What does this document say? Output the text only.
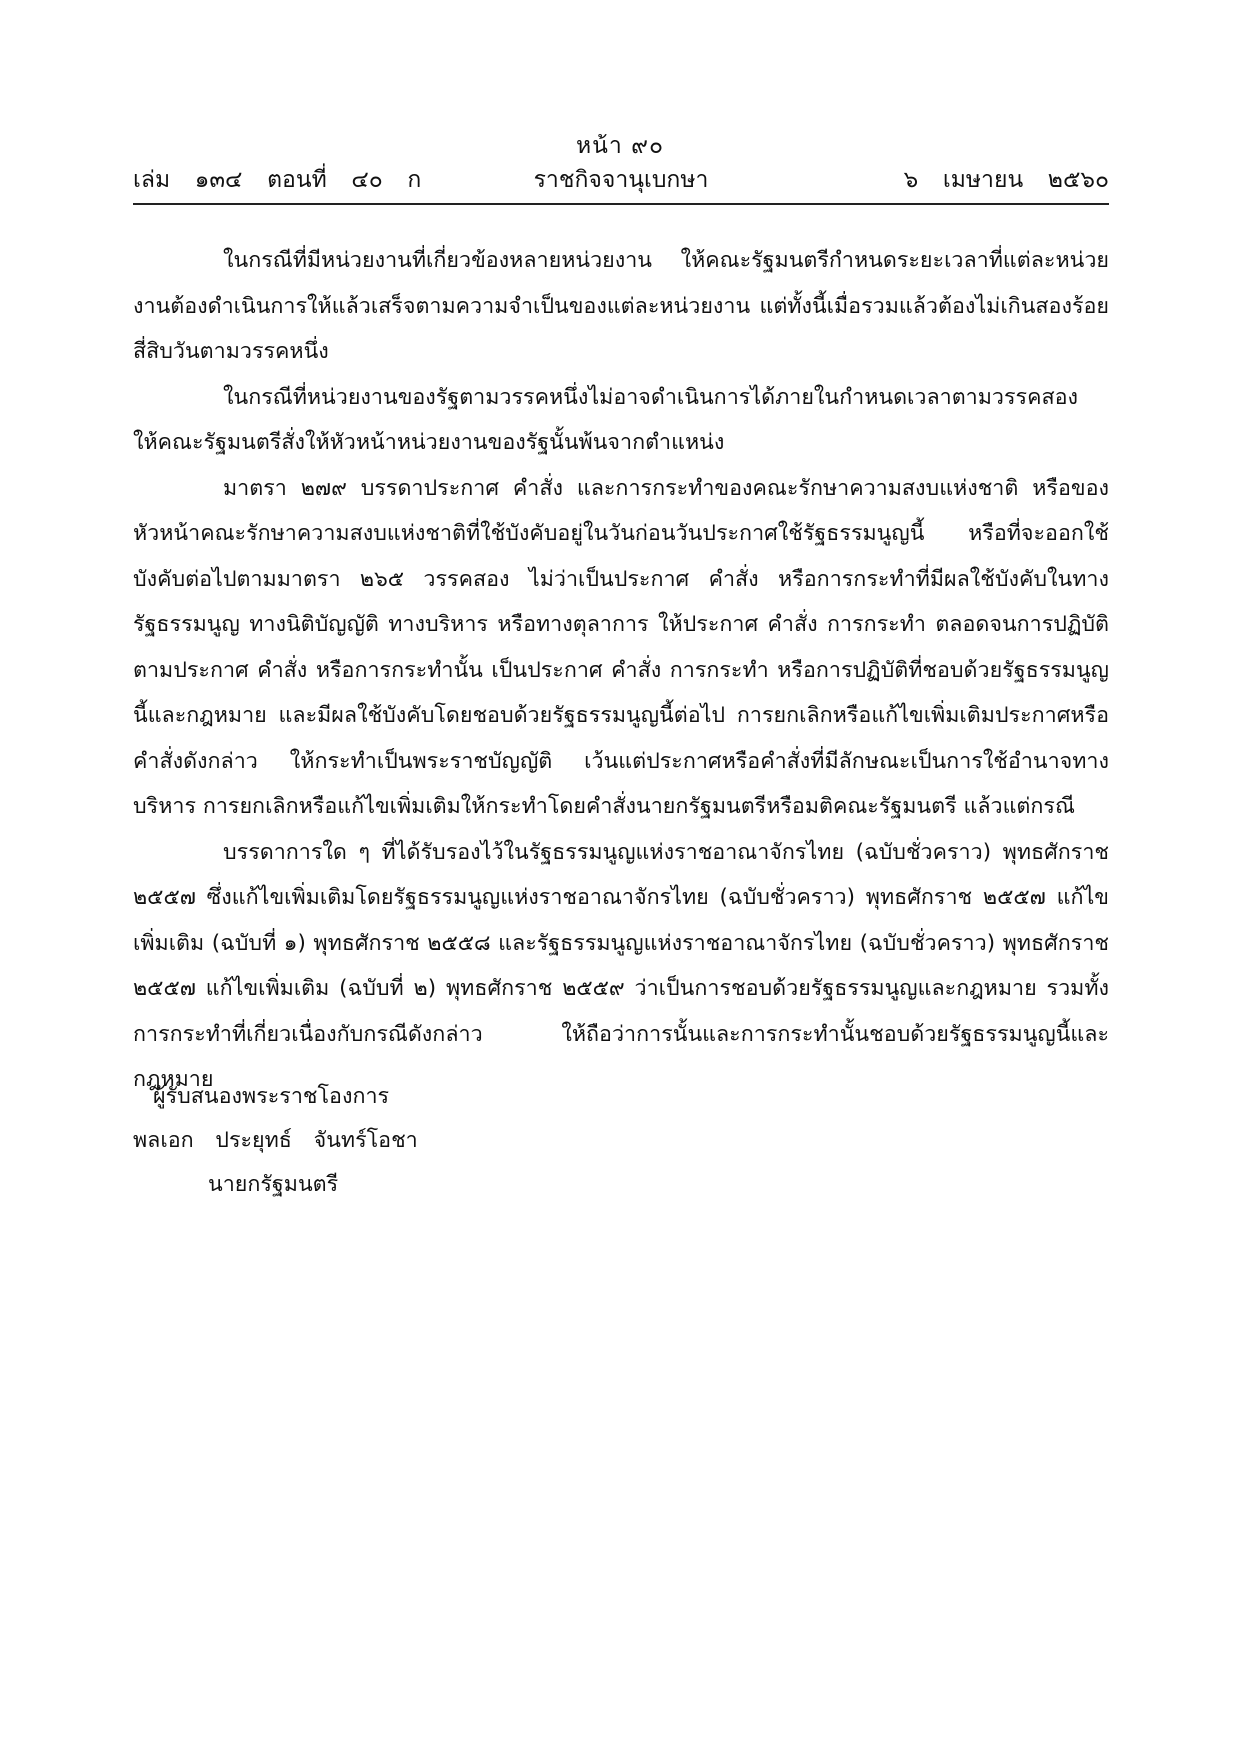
หน้า ๙๐
เล่ม  ๑๓๔  ตอนที่  ๔๐  ก	ราชกิจจานุเบกษา	๖  เมษายน  ๒๕๖๐

ในกรณีที่มีหน่วยงานที่เกี่ยวข้องหลายหน่วยงาน ให้คณะรัฐมนตรีกำหนดระยะเวลาที่แต่ละหน่วยงานต้องดำเนินการให้แล้วเสร็จตามความจำเป็นของแต่ละหน่วยงาน แต่ทั้งนี้เมื่อรวมแล้วต้องไม่เกินสองร้อยสี่สิบวันตามวรรคหนึ่ง

ในกรณีที่หน่วยงานของรัฐตามวรรคหนึ่งไม่อาจดำเนินการได้ภายในกำหนดเวลาตามวรรคสอง ให้คณะรัฐมนตรีสั่งให้หัวหน้าหน่วยงานของรัฐนั้นพ้นจากตำแหน่ง

มาตรา ๒๗๙ บรรดาประกาศ คำสั่ง และการกระทำของคณะรักษาความสงบแห่งชาติ หรือของหัวหน้าคณะรักษาความสงบแห่งชาติที่ใช้บังคับอยู่ในวันก่อนวันประกาศใช้รัฐธรรมนูญนี้ หรือที่จะออกใช้บังคับต่อไปตามมาตรา ๒๖๕ วรรคสอง ไม่ว่าเป็นประกาศ คำสั่ง หรือการกระทำที่มีผลใช้บังคับในทางรัฐธรรมนูญ ทางนิติบัญญัติ ทางบริหาร หรือทางตุลาการ ให้ประกาศ คำสั่ง การกระทำ ตลอดจนการปฏิบัติตามประกาศ คำสั่ง หรือการกระทำนั้น เป็นประกาศ คำสั่ง การกระทำ หรือการปฏิบัติที่ชอบด้วยรัฐธรรมนูญนี้และกฎหมาย และมีผลใช้บังคับโดยชอบด้วยรัฐธรรมนูญนี้ต่อไป การยกเลิกหรือแก้ไขเพิ่มเติมประกาศหรือคำสั่งดังกล่าว ให้กระทำเป็นพระราชบัญญัติ เว้นแต่ประกาศหรือคำสั่งที่มีลักษณะเป็นการใช้อำนาจทางบริหาร การยกเลิกหรือแก้ไขเพิ่มเติมให้กระทำโดยคำสั่งนายกรัฐมนตรีหรือมติคณะรัฐมนตรี แล้วแต่กรณี

บรรดาการใด ๆ ที่ได้รับรองไว้ในรัฐธรรมนูญแห่งราชอาณาจักรไทย (ฉบับชั่วคราว) พุทธศักราช ๒๕๕๗ ซึ่งแก้ไขเพิ่มเติมโดยรัฐธรรมนูญแห่งราชอาณาจักรไทย (ฉบับชั่วคราว) พุทธศักราช ๒๕๕๗ แก้ไขเพิ่มเติม (ฉบับที่ ๑) พุทธศักราช ๒๕๕๘ และรัฐธรรมนูญแห่งราชอาณาจักรไทย (ฉบับชั่วคราว) พุทธศักราช ๒๕๕๗ แก้ไขเพิ่มเติม (ฉบับที่ ๒) พุทธศักราช ๒๕๕๙ ว่าเป็นการชอบด้วยรัฐธรรมนูญและกฎหมาย รวมทั้งการกระทำที่เกี่ยวเนื่องกับกรณีดังกล่าว ให้ถือว่าการนั้นและการกระทำนั้นชอบด้วยรัฐธรรมนูญนี้และกฎหมาย

ผู้รับสนองพระราชโองการ
พลเอก  ประยุทธ์  จันทร์โอชา
นายกรัฐมนตรี
